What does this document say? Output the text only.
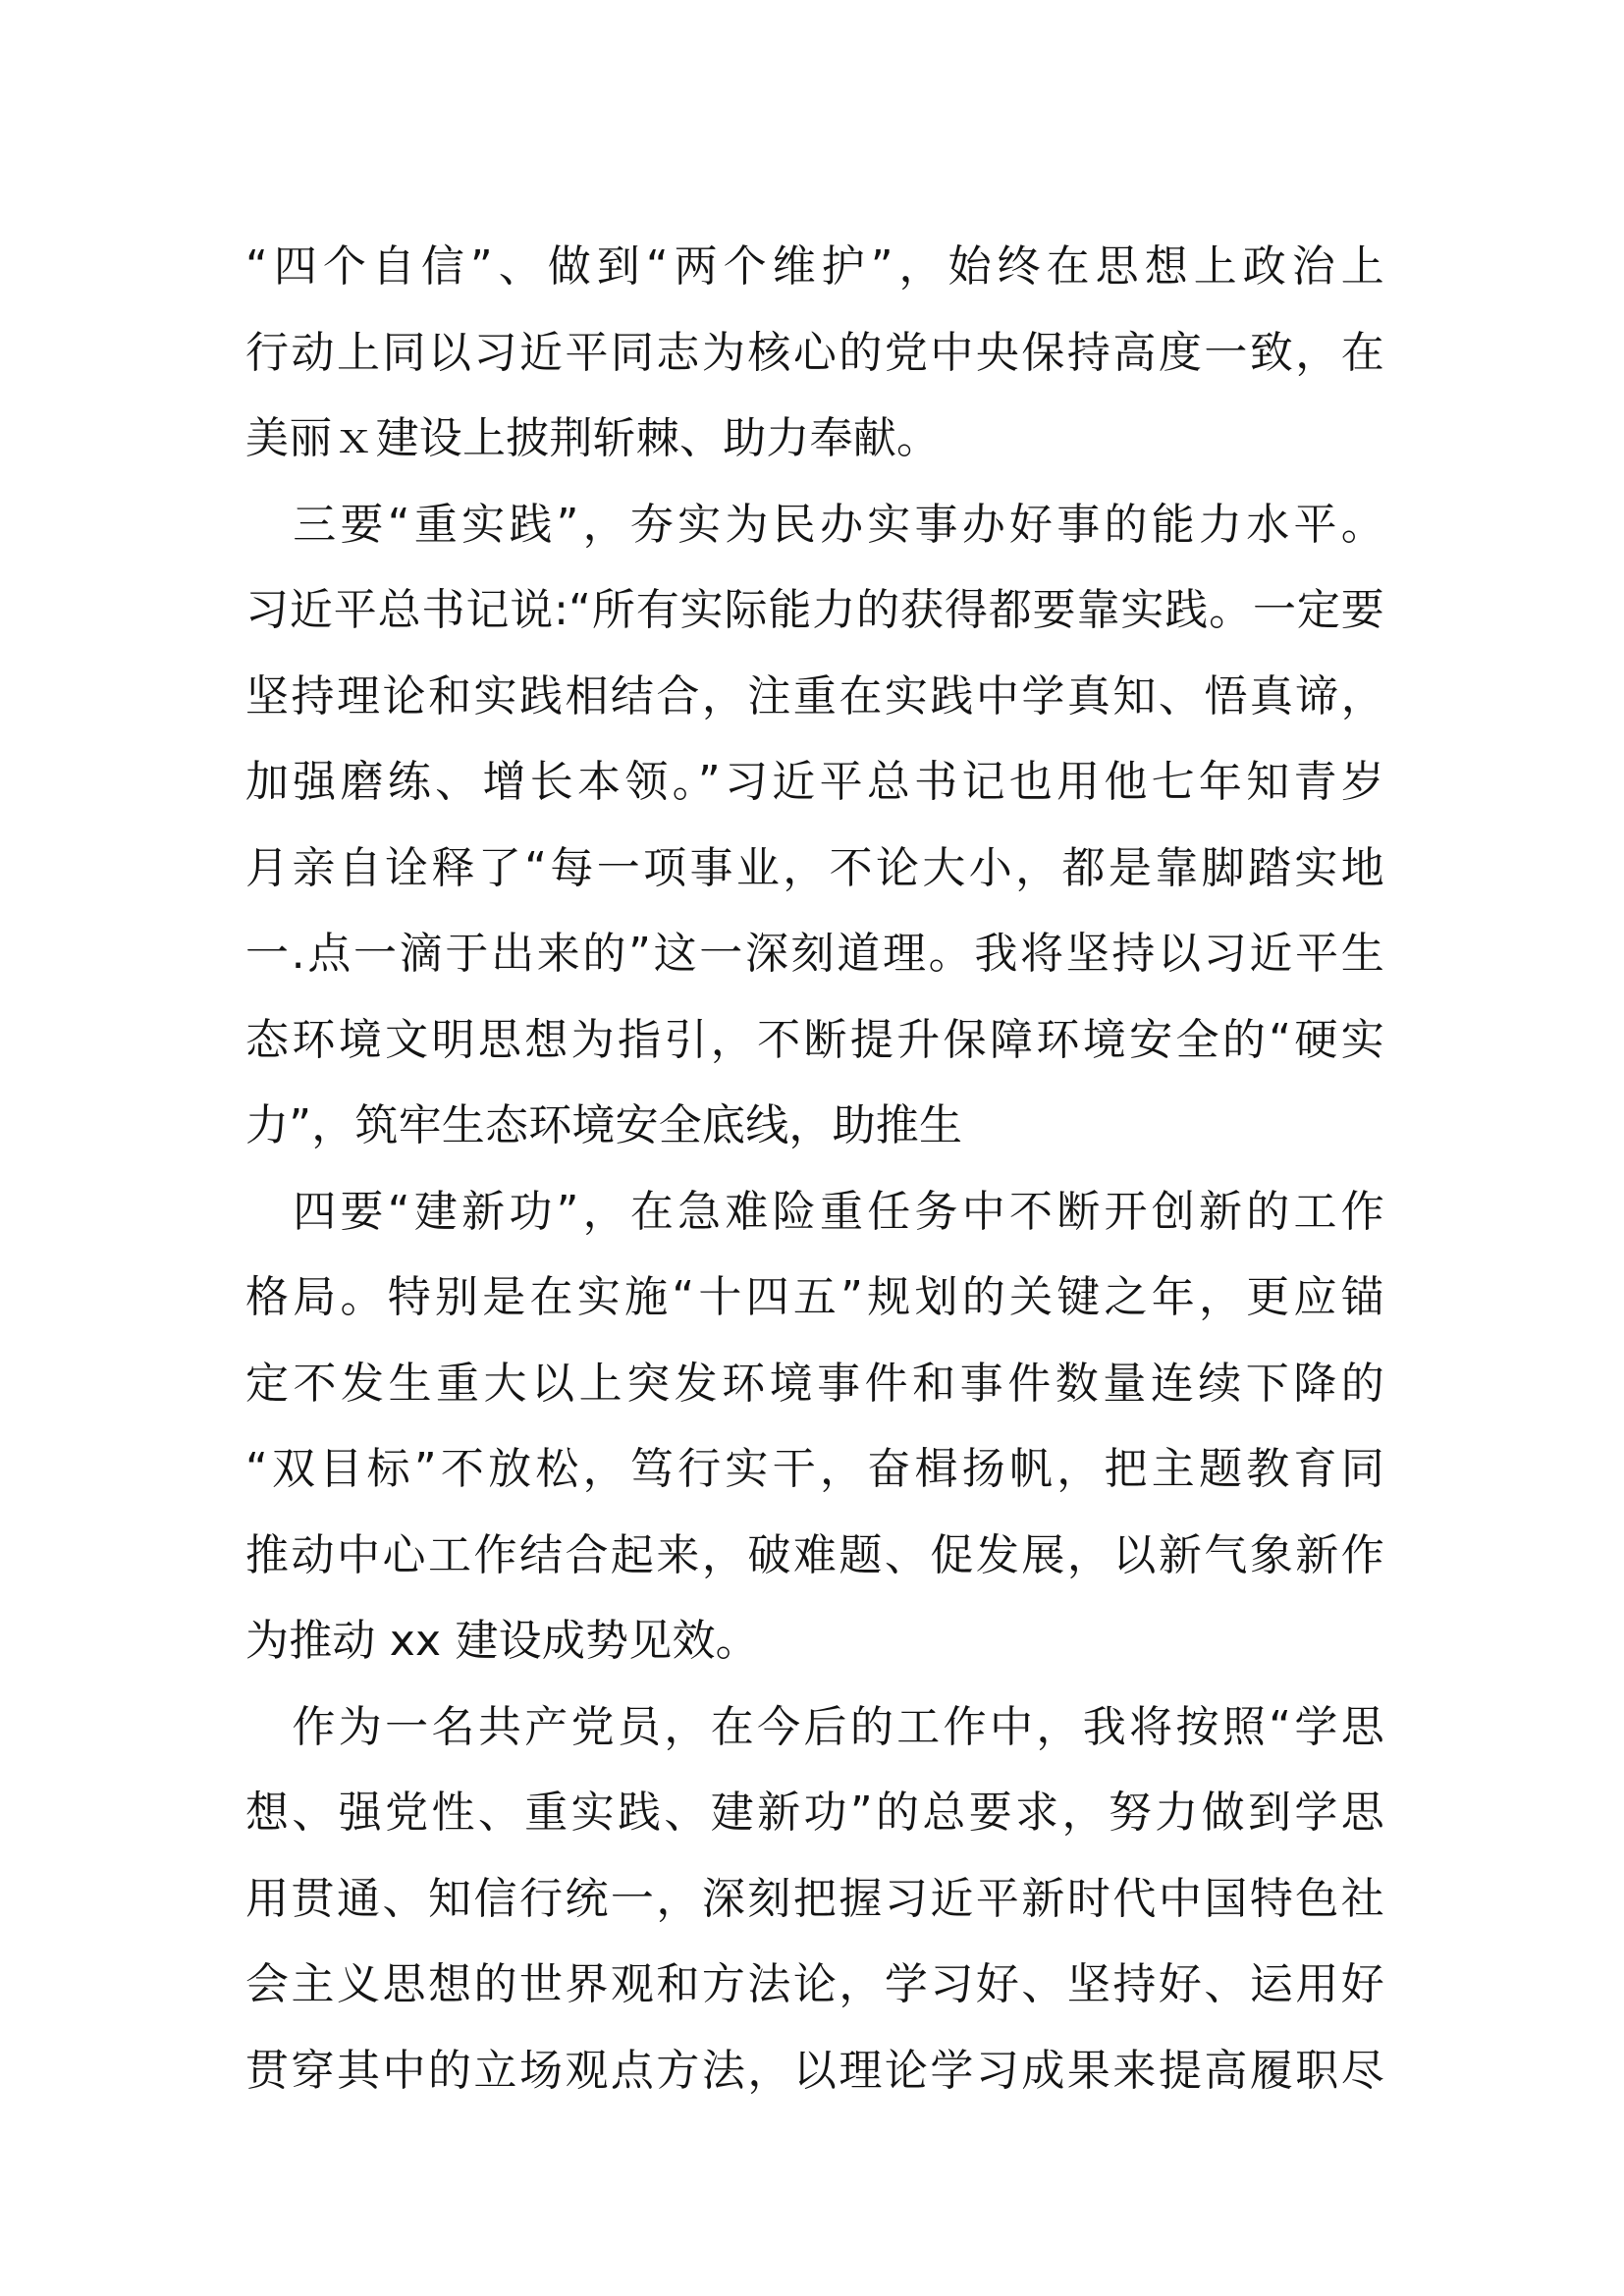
“四个自信”、做到“两个维护”，始终在思想上政治上
行动上同以习近平同志为核心的党中央保持高度一致，在
美丽ｘ建设上披荆斩棘、助力奉献。
　三要“重实践”，夯实为民办实事办好事的能力水平。
习近平总书记说:“所有实际能力的获得都要靠实践。一定要
坚持理论和实践相结合，注重在实践中学真知、悟真谛，
加强磨练、增长本领。”习近平总书记也用他七年知青岁
月亲自诠释了“每一项事业，不论大小，都是靠脚踏实地
一.点一滴于出来的”这一深刻道理。我将坚持以习近平生
态环境文明思想为指引，不断提升保障环境安全的“硬实
力”，筑牢生态环境安全底线，助推生
　四要“建新功”，在急难险重任务中不断开创新的工作
格局。特别是在实施“十四五”规划的关键之年，更应锚
定不发生重大以上突发环境事件和事件数量连续下降的
“双目标”不放松，笃行实干，奋楫扬帆，把主题教育同
推动中心工作结合起来，破难题、促发展，以新气象新作
为推动 xx 建设成势见效。
　作为一名共产党员，在今后的工作中，我将按照“学思
想、强党性、重实践、建新功”的总要求，努力做到学思
用贯通、知信行统一，深刻把握习近平新时代中国特色社
会主义思想的世界观和方法论，学习好、坚持好、运用好
贯穿其中的立场观点方法，以理论学习成果来提高履职尽
